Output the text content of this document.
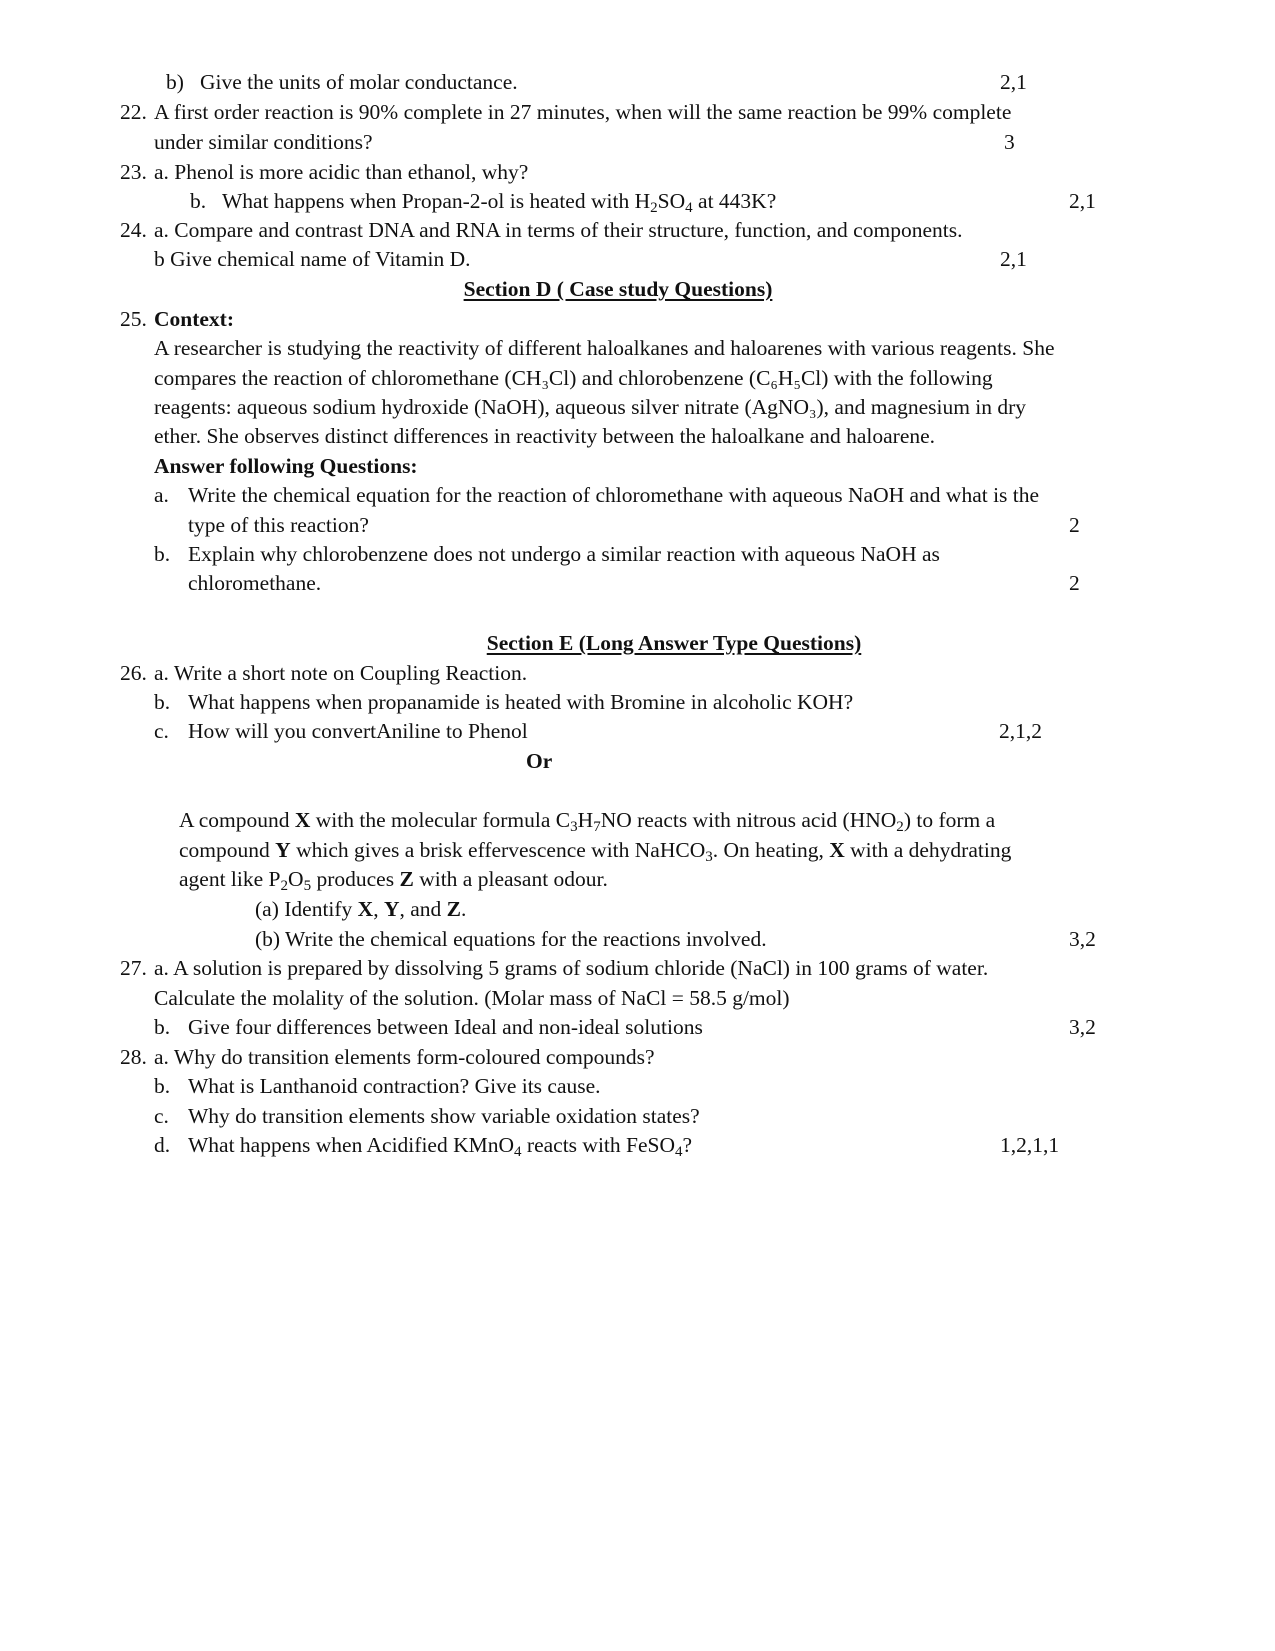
b) Give the units of molar conductance.	2,1
22. A first order reaction is 90% complete in 27 minutes, when will the same reaction be 99% complete
under similar conditions?	3
23. a. Phenol is more acidic than ethanol, why?
b. What happens when Propan-2-ol is heated with $H_2SO_4$ at 443K?	2,1
24. a. Compare and contrast DNA and RNA in terms of their structure, function, and components.
b Give chemical name of Vitamin D.	2,1
Section D ( Case study Questions)
25. Context:
A researcher is studying the reactivity of different haloalkanes and haloarenes with various reagents. She
compares the reaction of chloromethane (CH₃Cl) and chlorobenzene (C₆H₅Cl) with the following
reagents: aqueous sodium hydroxide (NaOH), aqueous silver nitrate (AgNO₃), and magnesium in dry
ether. She observes distinct differences in reactivity between the haloalkane and haloarene.
Answer following Questions:
a. Write the chemical equation for the reaction of chloromethane with aqueous NaOH and what is the
type of this reaction?	2
b. Explain why chlorobenzene does not undergo a similar reaction with aqueous NaOH as
chloromethane.	2
Section E (Long Answer Type Questions)
26. a. Write a short note on Coupling Reaction.
b. What happens when propanamide is heated with Bromine in alcoholic KOH?
c. How will you convertAniline to Phenol	2,1,2
Or
A compound X with the molecular formula $C_3H_7NO$ reacts with nitrous acid $(HNO_2)$ to form a
compound Y which gives a brisk effervescence with NaHCO$_3$. On heating, X with a dehydrating
agent like $P_2O_5$ produces Z with a pleasant odour.
(a) Identify X, Y, and Z.
(b) Write the chemical equations for the reactions involved.	3,2
27. a. A solution is prepared by dissolving 5 grams of sodium chloride (NaCl) in 100 grams of water.
Calculate the molality of the solution. (Molar mass of NaCl = 58.5 g/mol)
b. Give four differences between Ideal and non-ideal solutions	3,2
28. a. Why do transition elements form-coloured compounds?
b. What is Lanthanoid contraction? Give its cause.
c. Why do transition elements show variable oxidation states?
d. What happens when Acidified KMnO$_4$ reacts with FeSO$_4$?	1,2,1,1
